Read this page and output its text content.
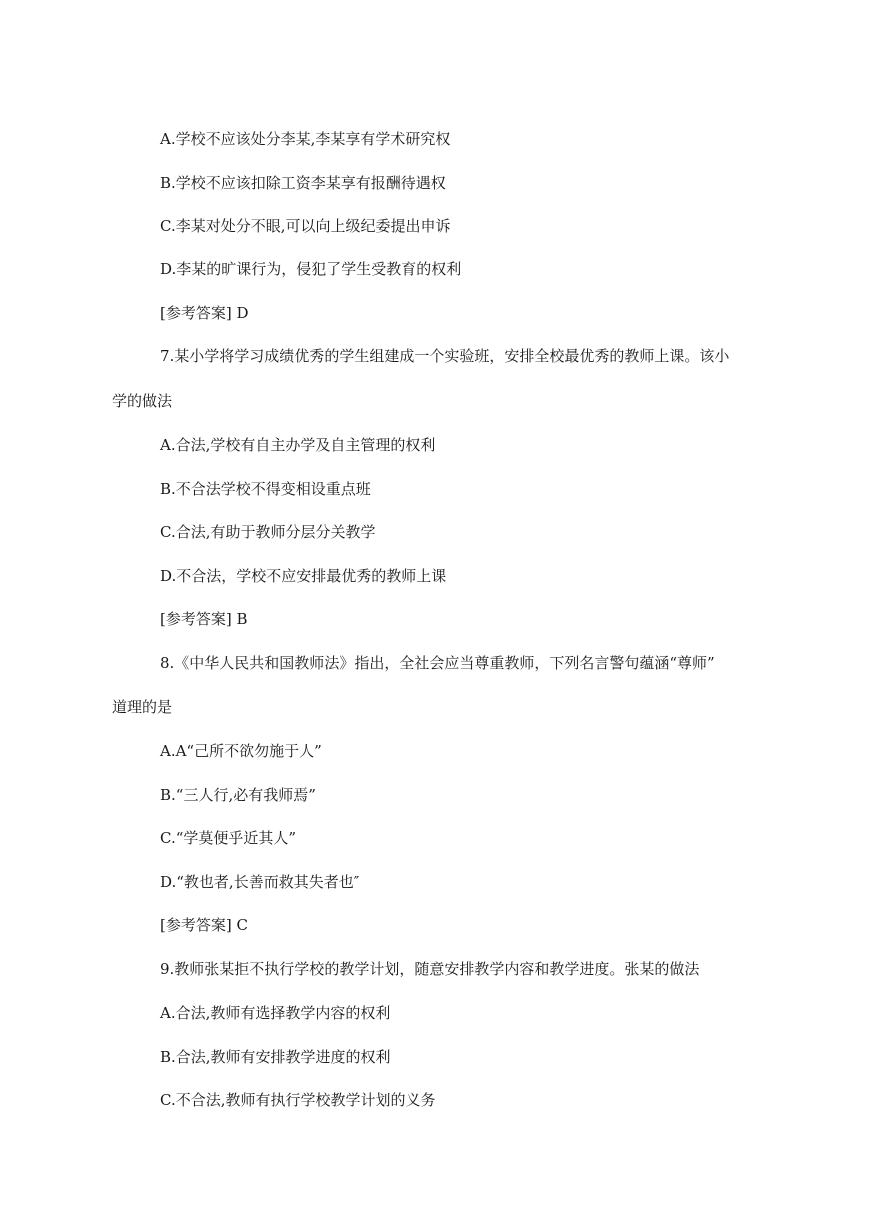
A.学校不应该处分李某,李某享有学术研究权
B.学校不应该扣除工资李某享有报酬待遇权
C.李某对处分不眼,可以向上级纪委提出申诉
D.李某的旷课行为，侵犯了学生受教育的权利
[参考答案] D
7.某小学将学习成绩优秀的学生组建成一个实验班，安排全校最优秀的教师上课。该小
学的做法
A.合法,学校有自主办学及自主管理的权利
B.不合法学校不得变相设重点班
C.合法,有助于教师分层分关教学
D.不合法，学校不应安排最优秀的教师上课
[参考答案] B
8.《中华人民共和国教师法》指出，全社会应当尊重教师，下列名言警句蕴涵“尊师”
道理的是
A.A“己所不欲勿施于人”
B.“三人行,必有我师焉”
C.“学莫便乎近其人”
D.“教也者,长善而救其失者也″
[参考答案] C
9.教师张某拒不执行学校的教学计划，随意安排教学内容和教学进度。张某的做法
A.合法,教师有选择教学内容的权利
B.合法,教师有安排教学进度的权利
C.不合法,教师有执行学校教学计划的义务
